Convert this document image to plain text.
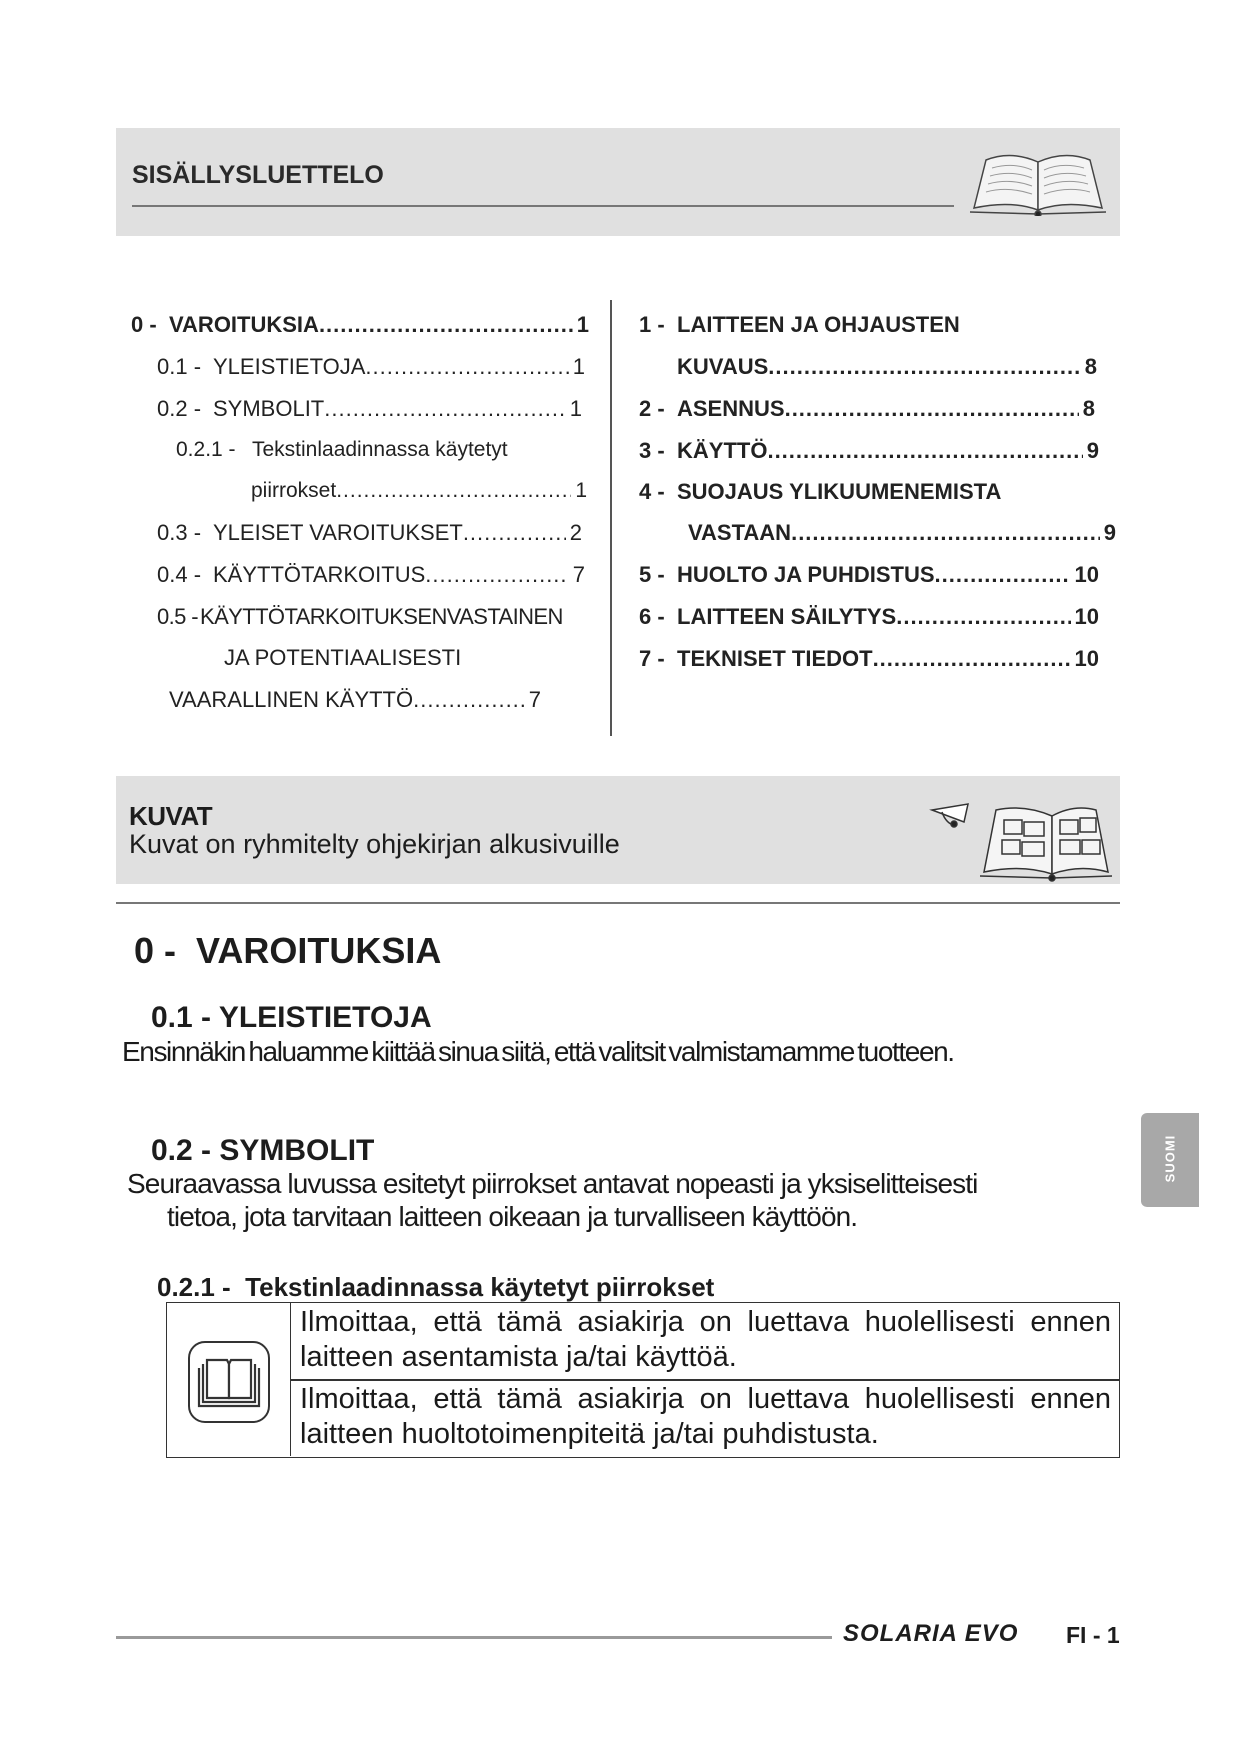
SISÄLLYSLUETTELO
0 - VAROITUKSIA .....	1
0.1 - YLEISTIETOJA .....	1
0.2 - SYMBOLIT .....	1
0.2.1 - Tekstinlaadinnassa käytetyt
piirrokset .....	1
0.3 - YLEISET VAROITUKSET .....	2
0.4 - KÄYTTÖTARKOITUS .....	7
0.5 - KÄYTTÖTARKOITUKSENVASTAINEN
JA POTENTIAALISESTI
VAARALLINEN KÄYTTÖ .....	7
1 - LAITTEEN JA OHJAUSTEN
KUVAUS .....	8
2 - ASENNUS .....	8
3 - KÄYTTÖ .....	9
4 - SUOJAUS YLIKUUMENEMISTA
VASTAAN .....	9
5 - HUOLTO JA PUHDISTUS .....	10
6 - LAITTEEN SÄILYTYS .....	10
7 - TEKNISET TIEDOT .....	10
KUVAT
Kuvat on ryhmitelty ohjekirjan alkusivuille
0 -  VAROITUKSIA
0.1 - YLEISTIETOJA
Ensinnäkin haluamme kiittää sinua siitä, että valitsit valmistamamme tuotteen.
0.2 - SYMBOLIT
Seuraavassa luvussa esitetyt piirrokset antavat nopeasti ja yksiselitteisesti
tietoa, jota tarvitaan laitteen oikeaan ja turvalliseen käyttöön.
0.2.1 -  Tekstinlaadinnassa käytetyt piirrokset
Ilmoittaa, että tämä asiakirja on luettava huolellisesti ennen laitteen asentamista ja/tai käyttöä.
Ilmoittaa, että tämä asiakirja on luettava huolellisesti ennen laitteen huoltotoimenpiteitä ja/tai puhdistusta.
SUOMI
SOLARIA EVO FI - 1
